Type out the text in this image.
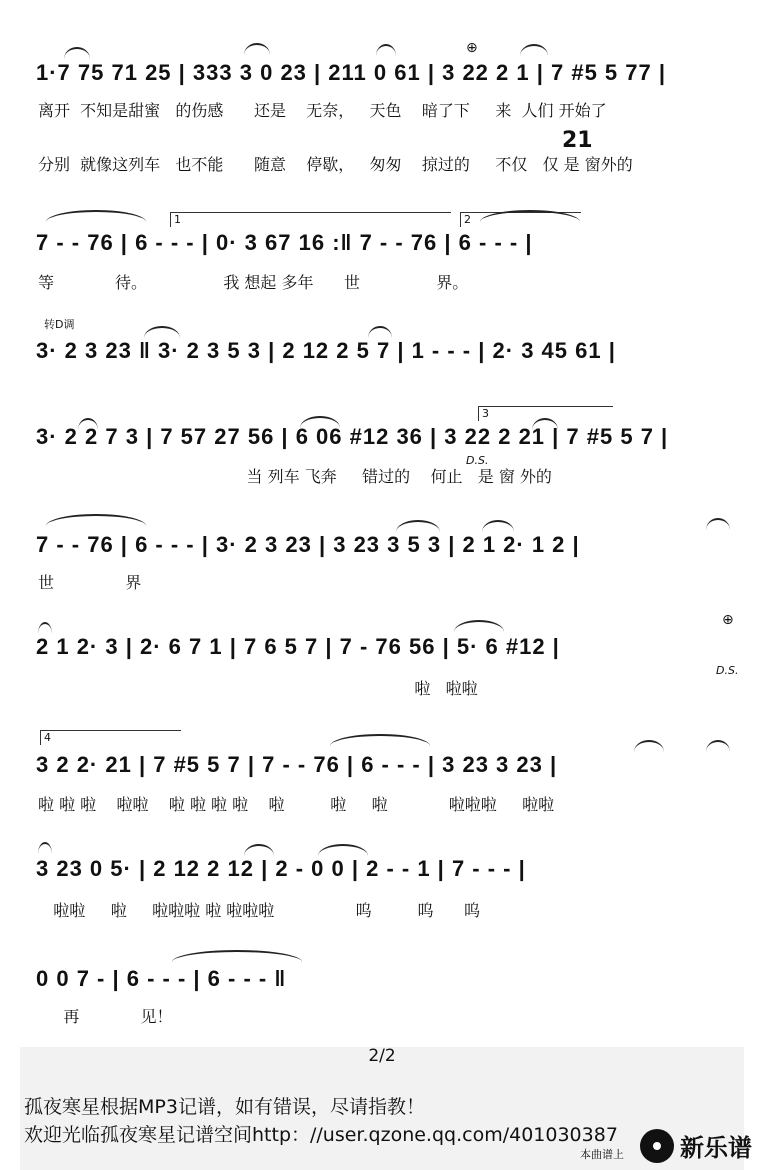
⊕
1·7 75 71 25 | 333 3 0 23 | 211 0 61 | 3 22 2 1 | 7 #5 5 77 |
离开  不知是甜蜜   的伤感      还是    无奈，   天色    暗了下     来  人们 开始了
21
分别  就像这列车   也不能      随意    停歇，   匆匆    掠过的     不仅   仅 是 窗外的
1	2
7 - - 76 | 6 - - - | 0· 3 67 16 :‖ 7 - - 76 | 6 - - - |
等            待。               我 想起 多年      世               界。
转D调
3· 2 3 23 ‖ 3· 2 3 5 3 | 2 12 2 5 7 | 1 - - - | 2· 3 45 61 |
3
3· 2 2 7 3 | 7 57 27 56 | 6 06 #12 36 | 3 22 2 21 | 7 #5 5 7 |
D.S.
当 列车 飞奔     错过的    何止   是 窗 外的
7 - - 76 | 6 - - - | 3· 2 3 23 | 3 23 3 5 3 | 2 1 2· 1 2 |
世              界
⊕
2 1 2· 3 | 2· 6 7 1 | 7 6 5 7 | 7 - 76 56 | 5· 6 #12 |
D.S.
啦   啦啦
4
3 2 2· 21 | 7 #5 5 7 | 7 - - 76 | 6 - - - | 3 23 3 23 |
啦 啦 啦    啦啦    啦 啦 啦 啦    啦         啦     啦            啦啦啦     啦啦
3 23 0 5· | 2 12 2 12 | 2 - 0 0 | 2 - - 1 | 7 - - - |
啦啦     啦     啦啦啦 啦 啦啦啦                呜         呜      呜
0 0 7 - | 6 - - - | 6 - - - ‖
再            见！
2/2
孤夜寒星根据MP3记谱，如有错误，尽请指教！
欢迎光临孤夜寒星记谱空间http：//user.qzone.qq.com/401030387
本曲谱上 新乐谱
